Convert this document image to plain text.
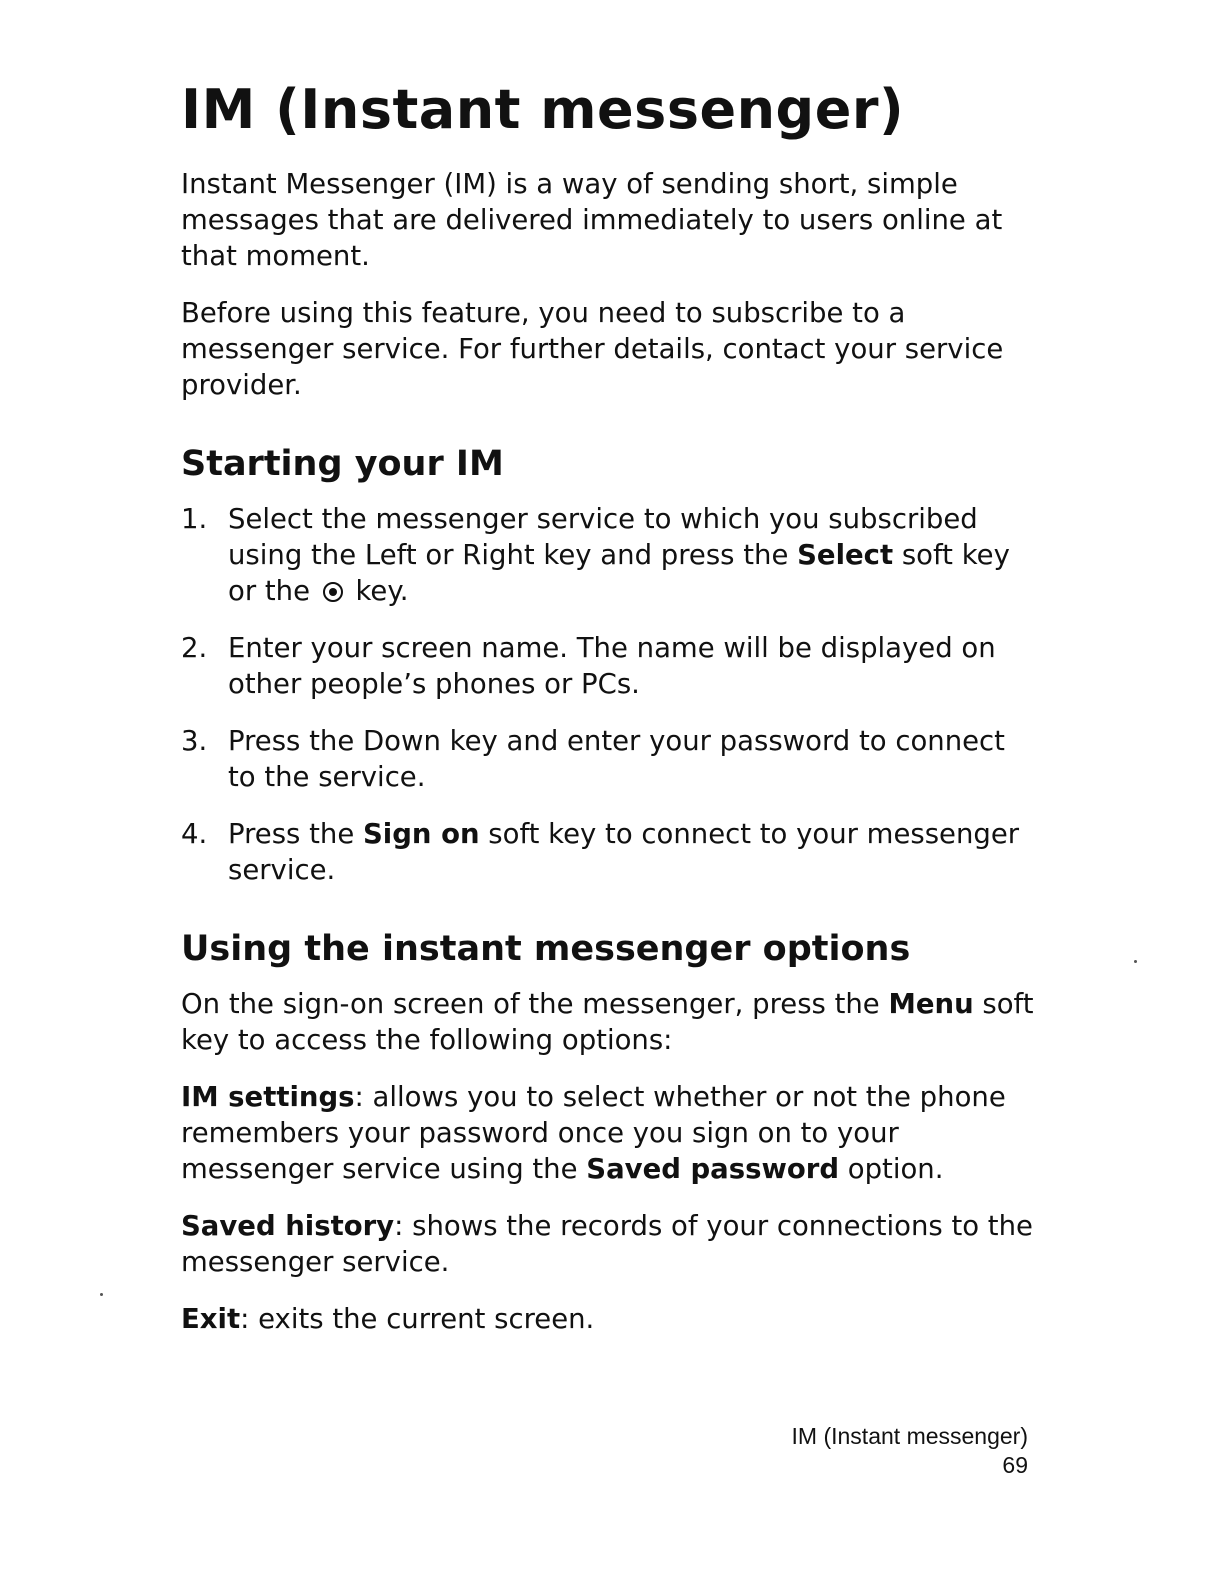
IM (Instant messenger)

Instant Messenger (IM) is a way of sending short, simple messages that are delivered immediately to users online at that moment.

Before using this feature, you need to subscribe to a messenger service. For further details, contact your service provider.

Starting your IM
1. Select the messenger service to which you subscribed using the Left or Right key and press the Select soft key or the  key.
2. Enter your screen name. The name will be displayed on other people’s phones or PCs.
3. Press the Down key and enter your password to connect to the service.
4. Press the Sign on soft key to connect to your messenger service.
Using the instant messenger options

On the sign-on screen of the messenger, press the Menu soft key to access the following options:

IM settings: allows you to select whether or not the phone remembers your password once you sign on to your messenger service using the Saved password option.

Saved history: shows the records of your connections to the messenger service.

Exit: exits the current screen.

IM (Instant messenger)
69
